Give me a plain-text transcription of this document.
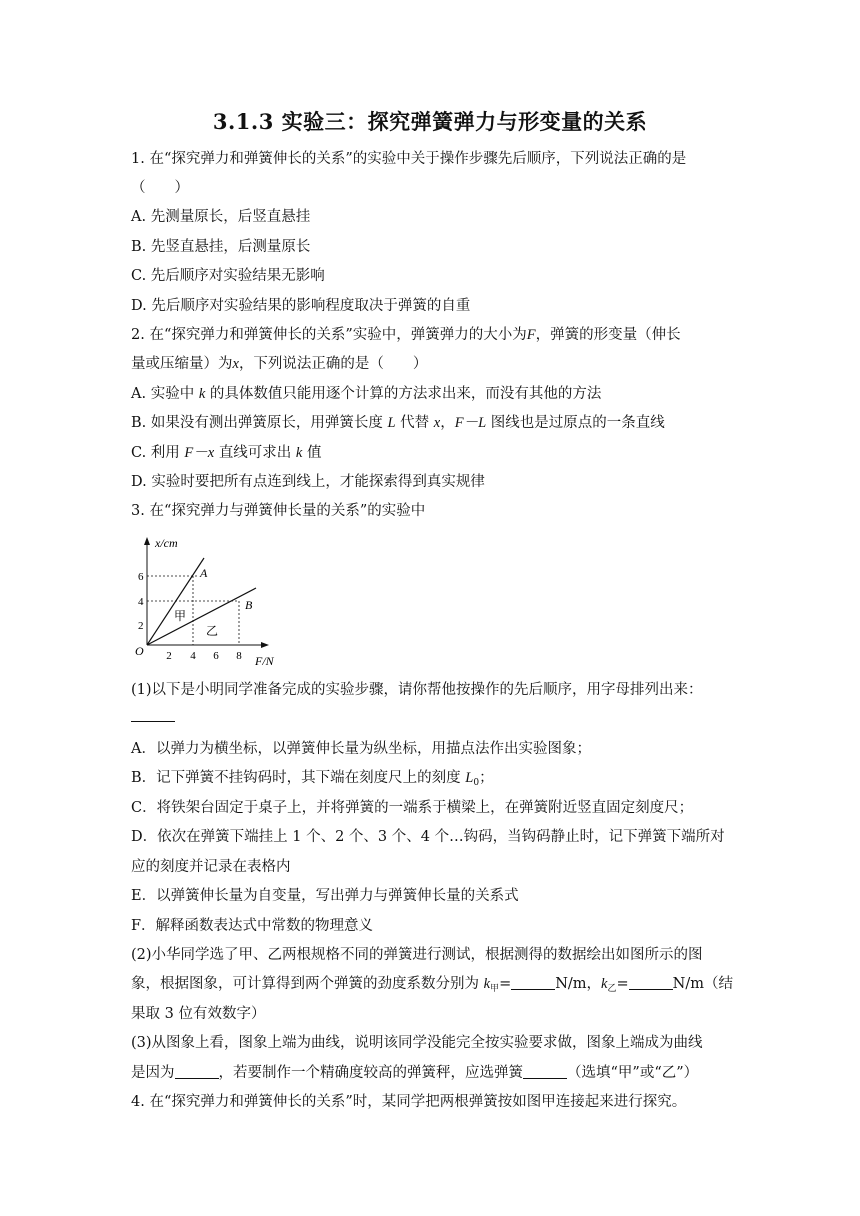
3.1.3 实验三：探究弹簧弹力与形变量的关系
1. 在“探究弹力和弹簧伸长的关系”的实验中关于操作步骤先后顺序，下列说法正确的是
（　　）
A. 先测量原长，后竖直悬挂
B. 先竖直悬挂，后测量原长
C. 先后顺序对实验结果无影响
D. 先后顺序对实验结果的影响程度取决于弹簧的自重
2. 在“探究弹力和弹簧伸长的关系”实验中，弹簧弹力的大小为F，弹簧的形变量（伸长
量或压缩量）为x，下列说法正确的是（　　）
A. 实验中 k 的具体数值只能用逐个计算的方法求出来，而没有其他的方法
B. 如果没有测出弹簧原长，用弹簧长度 L 代替 x，F－L 图线也是过原点的一条直线
C. 利用 F－x 直线可求出 k 值
D. 实验时要把所有点连到线上，才能探索得到真实规律
3. 在“探究弹力与弹簧伸长量的关系”的实验中
x/cm
F/N
O 2 4 6 8
2
4
6	A
B
甲
乙
(1)以下是小明同学准备完成的实验步骤，请你帮他按操作的先后顺序，用字母排列出来：
A．以弹力为横坐标，以弹簧伸长量为纵坐标，用描点法作出实验图象；
B．记下弹簧不挂钩码时，其下端在刻度尺上的刻度 $L_0$；
C．将铁架台固定于桌子上，并将弹簧的一端系于横梁上，在弹簧附近竖直固定刻度尺；
D．依次在弹簧下端挂上 1 个、2 个、3 个、4 个…钩码，当钩码静止时，记下弹簧下端所对
应的刻度并记录在表格内
E．以弹簧伸长量为自变量，写出弹力与弹簧伸长量的关系式
F．解释函数表达式中常数的物理意义
(2)小华同学选了甲、乙两根规格不同的弹簧进行测试，根据测得的数据绘出如图所示的图
象，根据图象，可计算得到两个弹簧的劲度系数分别为 $k_甲=$	N/m，$k_乙=$	N/m（结
果取 3 位有效数字）
(3)从图象上看，图象上端为曲线，说明该同学没能完全按实验要求做，图象上端成为曲线
是因为	，若要制作一个精确度较高的弹簧秤，应选弹簧	（选填“甲”或“乙”）
4. 在“探究弹力和弹簧伸长的关系”时，某同学把两根弹簧按如图甲连接起来进行探究。
